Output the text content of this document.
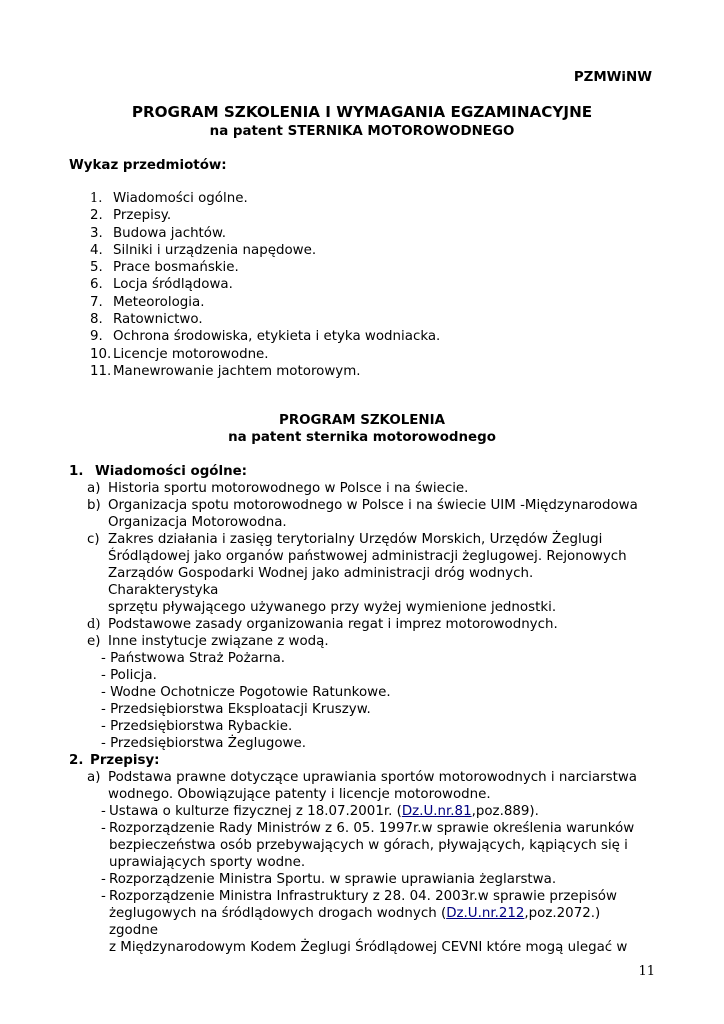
PZMWiNW
PROGRAM SZKOLENIA I WYMAGANIA EGZAMINACYJNE
na patent STERNIKA MOTOROWODNEGO
Wykaz przedmiotów:
1. Wiadomości ogólne.
2. Przepisy.
3. Budowa jachtów.
4. Silniki i urządzenia napędowe.
5. Prace bosmańskie.
6. Locja śródlądowa.
7. Meteorologia.
8. Ratownictwo.
9. Ochrona środowiska, etykieta i etyka wodniacka.
10. Licencje motorowodne.
11. Manewrowanie jachtem motorowym.
PROGRAM SZKOLENIA
na patent sternika motorowodnego
1. Wiadomości ogólne:
a) Historia sportu motorowodnego w Polsce i na świecie.
b) Organizacja spotu motorowodnego w Polsce i na świecie UIM -Międzynarodowa
Organizacja Motorowodna.
c) Zakres działania i zasięg terytorialny Urzędów Morskich, Urzędów Żeglugi
Śródlądowej jako organów państwowej administracji żeglugowej. Rejonowych
Zarządów Gospodarki Wodnej jako administracji dróg wodnych. Charakterystyka
sprzętu pływającego używanego przy wyżej wymienione jednostki.
d) Podstawowe zasady organizowania regat i imprez motorowodnych.
e) Inne instytucje związane z wodą.
- Państwowa Straż Pożarna.
- Policja.
- Wodne Ochotnicze Pogotowie Ratunkowe.
- Przedsiębiorstwa Eksploatacji Kruszyw.
- Przedsiębiorstwa Rybackie.
- Przedsiębiorstwa Żeglugowe.
2. Przepisy:
a) Podstawa prawne dotyczące uprawiania sportów motorowodnych i narciarstwa
wodnego. Obowiązujące patenty i licencje motorowodne.
- Ustawa o kulturze fizycznej z 18.07.2001r. (Dz.U.nr.81,poz.889).
- Rozporządzenie Rady Ministrów z 6. 05. 1997r.w sprawie określenia warunków
bezpieczeństwa osób przebywających w górach, pływających, kąpiących się i
uprawiających sporty wodne.
- Rozporządzenie Ministra Sportu. w sprawie uprawiania żeglarstwa.
- Rozporządzenie Ministra Infrastruktury z 28. 04. 2003r.w sprawie przepisów
żeglugowych na śródlądowych drogach wodnych (Dz.U.nr.212,poz.2072.) zgodne
z Międzynarodowym Kodem Żeglugi Śródlądowej CEVNI które mogą ulegać w
11
